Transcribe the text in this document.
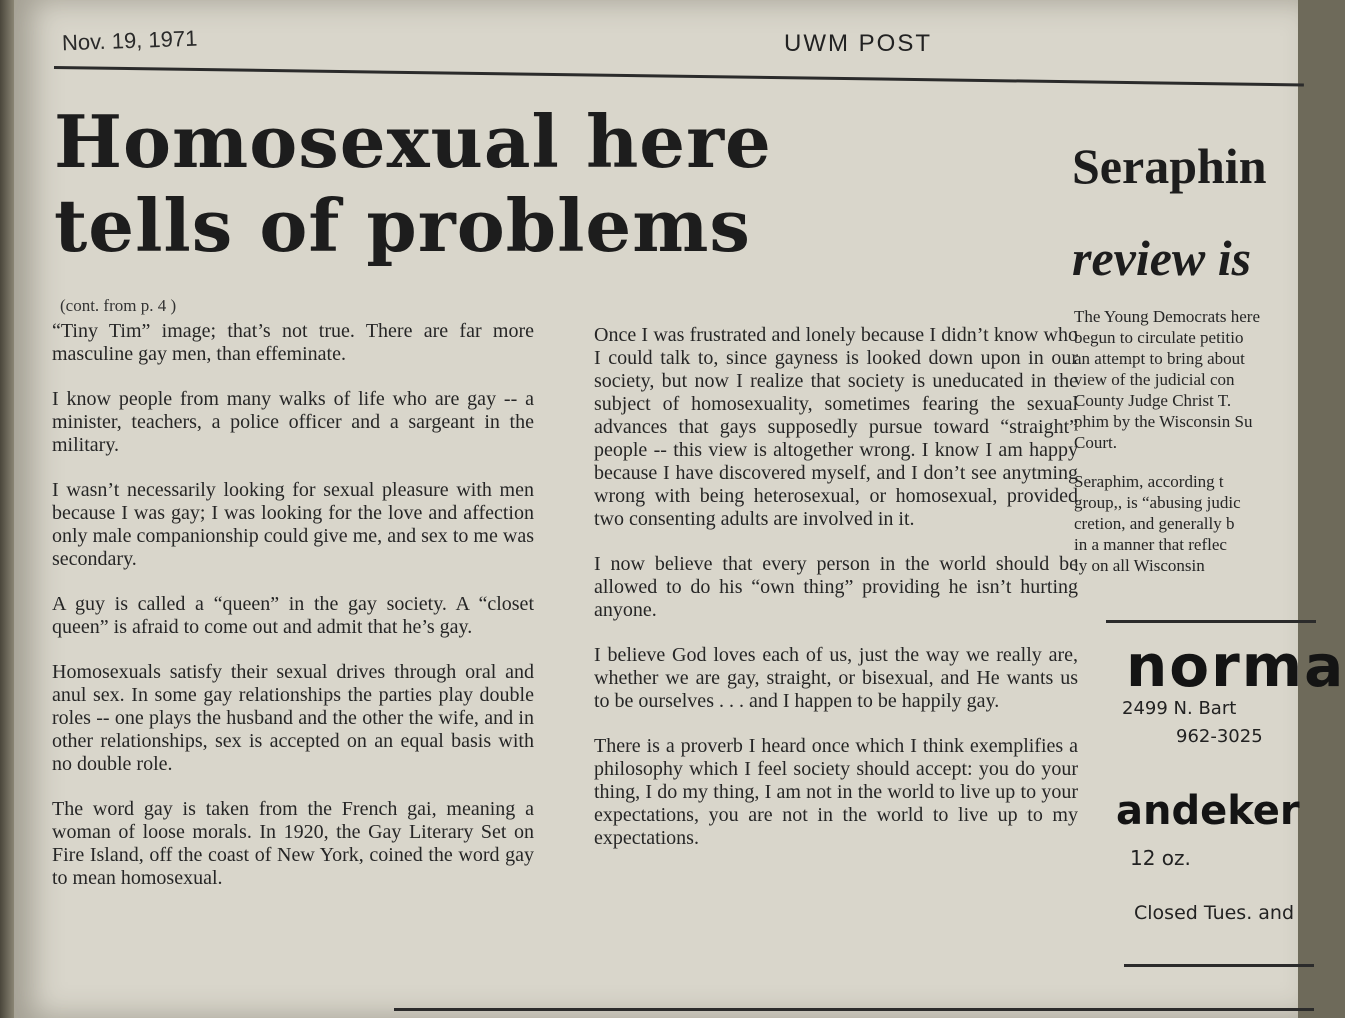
Nov. 19, 1971	UWM POST
Homosexual here
tells of problems
Seraphin
review is
(cont. from p. 4 )

“Tiny Tim” image; that’s not true. There are far more masculine gay men, than effeminate.

I know people from many walks of life who are gay -- a minister, teachers, a police officer and a sargeant in the military.

I wasn’t necessarily looking for sexual pleasure with men because I was gay; I was looking for the love and affection only male companionship could give me, and sex to me was secondary.

A guy is called a “queen” in the gay society. A “closet queen” is afraid to come out and admit that he’s gay.

Homosexuals satisfy their sexual drives through oral and anul sex. In some gay relationships the parties play double roles -- one plays the husband and the other the wife, and in other relationships, sex is accepted on an equal basis with no double role.

The word gay is taken from the French gai, meaning a woman of loose morals. In 1920, the Gay Literary Set on Fire Island, off the coast of New York, coined the word gay to mean homosexual.

Once I was frustrated and lonely because I didn’t know who I could talk to, since gayness is looked down upon in our society, but now I realize that society is uneducated in the subject of homosexuality, sometimes fearing the sexual advances that gays supposedly pursue toward “straight” people -- this view is altogether wrong. I know I am happy because I have discovered myself, and I don’t see anytming wrong with being heterosexual, or homosexual, provided two consenting adults are involved in it.

I now believe that every person in the world should be allowed to do his “own thing” providing he isn’t hurting anyone.

I believe God loves each of us, just the way we really are, whether we are gay, straight, or bisexual, and He wants us to be ourselves . . . and I happen to be happily gay.

There is a proverb I heard once which I think exemplifies a philosophy which I feel society should accept: you do your thing, I do my thing, I am not in the world to live up to your expectations, you are not in the world to live up to my expectations.

The Young Democrats here
begun to circulate petitio
an attempt to bring about
view of the judicial con
County Judge Christ T.
phim by the Wisconsin Su
Court.

Seraphim, according t
group,, is “abusing judic
cretion, and generally b
in a manner that reflec
ly on all Wisconsin

norma
2499 N. Bart
962-3025
andeker
12 oz.
Closed Tues. and
